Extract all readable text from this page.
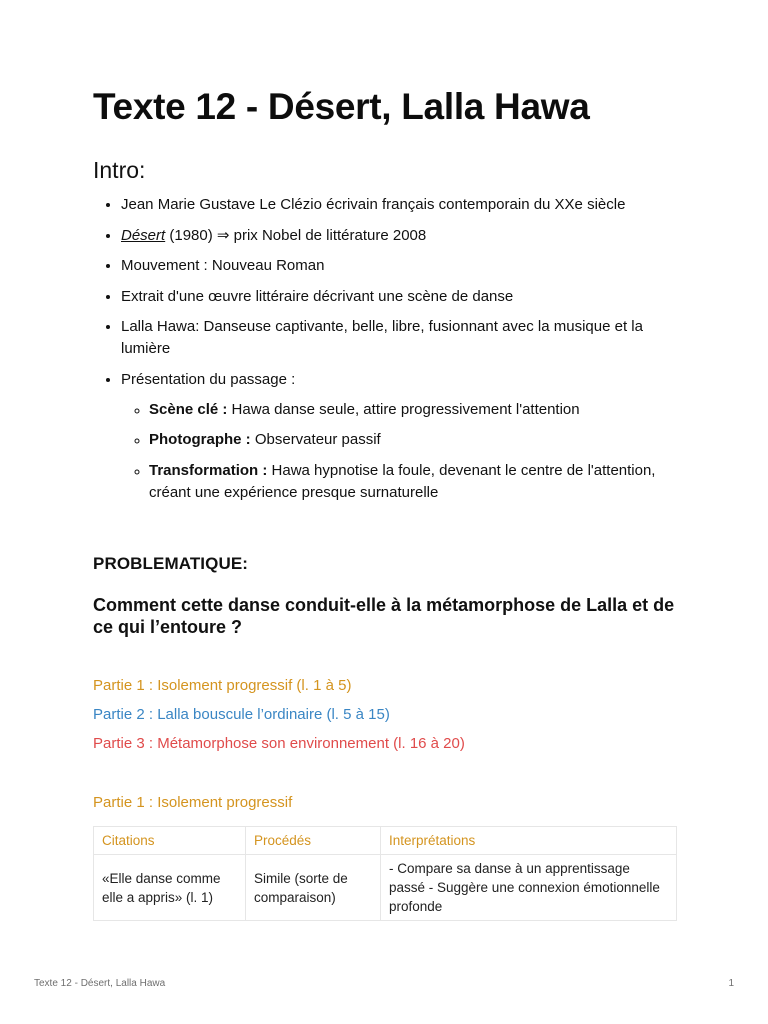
Texte 12 - Désert, Lalla Hawa
Intro:
• Jean Marie Gustave Le Clézio écrivain français contemporain du XXe siècle
• Désert (1980) ⇒ prix Nobel de littérature 2008
• Mouvement : Nouveau Roman
• Extrait d'une œuvre littéraire décrivant une scène de danse
• Lalla Hawa: Danseuse captivante, belle, libre, fusionnant avec la musique et la lumière
• Présentation du passage :
◦ Scène clé : Hawa danse seule, attire progressivement l'attention
◦ Photographe : Observateur passif
◦ Transformation : Hawa hypnotise la foule, devenant le centre de l'attention, créant une expérience presque surnaturelle
PROBLEMATIQUE:
Comment cette danse conduit-elle à la métamorphose de Lalla et de ce qui l’entoure ?
Partie 1 : Isolement progressif (l. 1 à 5)
Partie 2 : Lalla bouscule l’ordinaire (l. 5 à 15)
Partie 3 : Métamorphose son environnement (l. 16 à 20)
Partie 1 : Isolement progressif
Citations	Procédés	Interprétations
«Elle danse comme elle a appris» (l. 1)	Simile (sorte de comparaison)	- Compare sa danse à un apprentissage passé - Suggère une connexion émotionnelle profonde
Texte 12 - Désert, Lalla Hawa	1
